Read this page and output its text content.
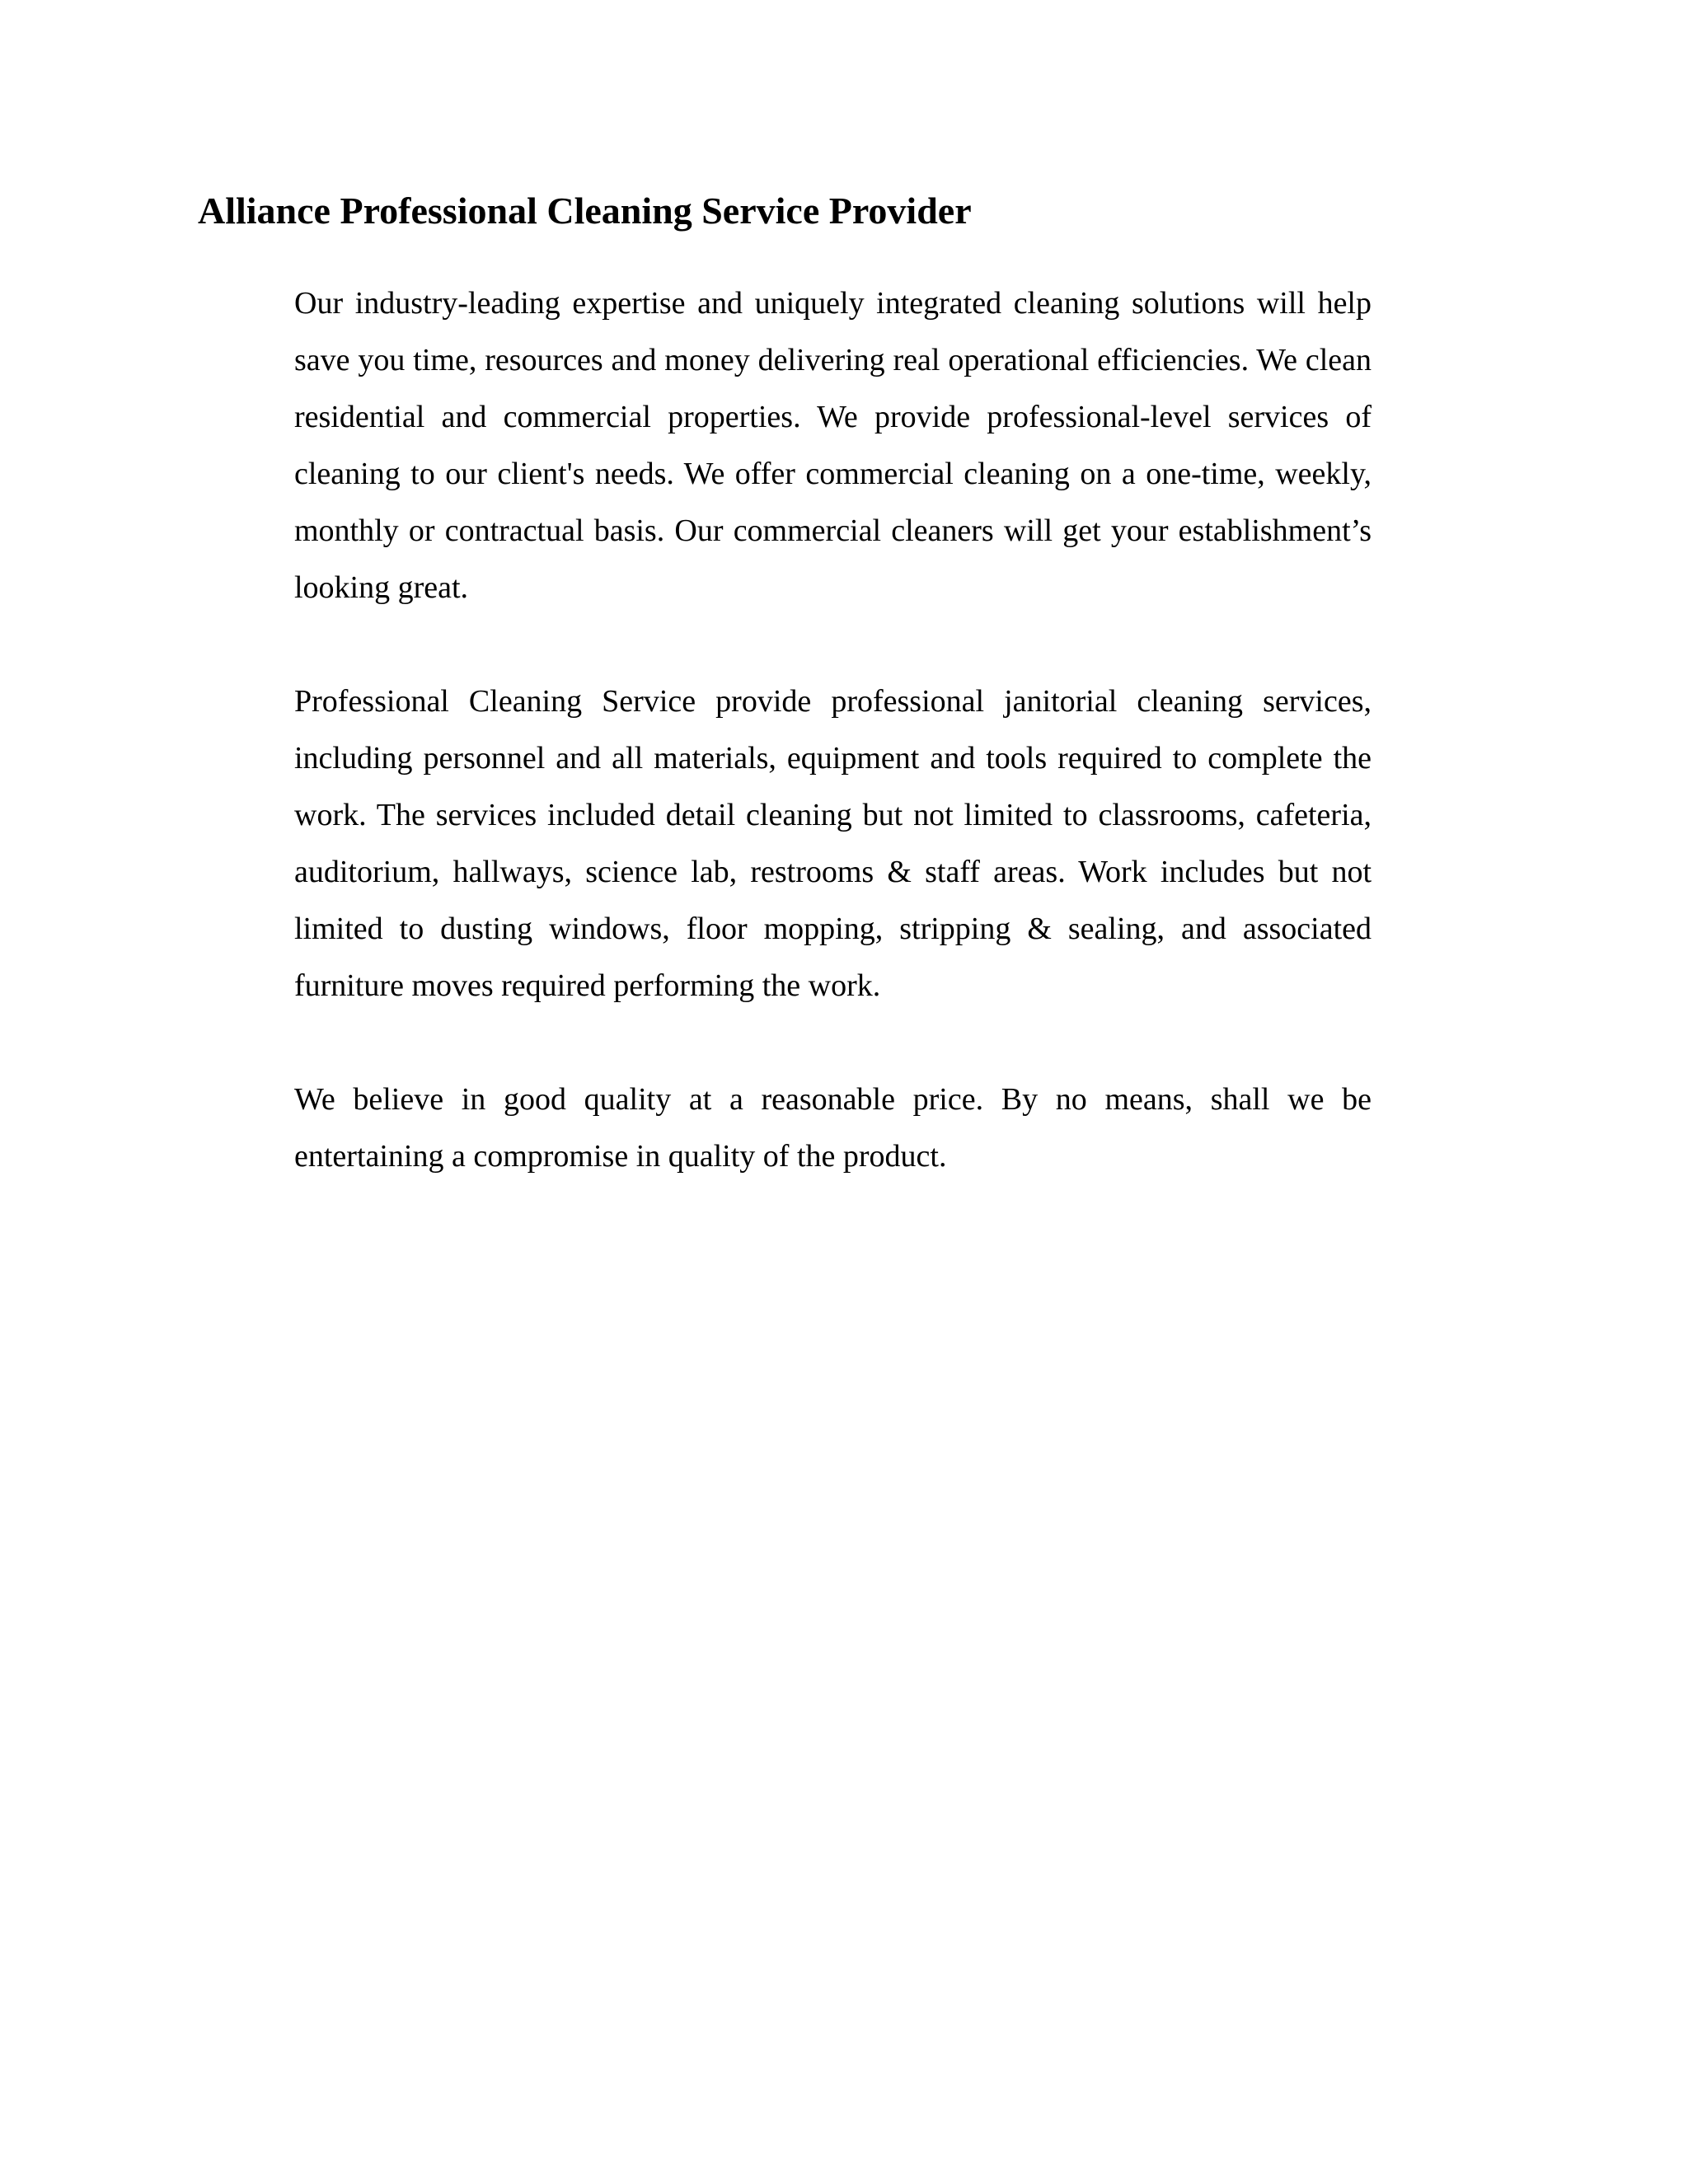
Alliance Professional Cleaning Service Provider

Our industry-leading expertise and uniquely integrated cleaning solutions will help save you time, resources and money delivering real operational efficiencies. We clean residential and commercial properties. We provide professional-level services of cleaning to our client's needs. We offer commercial cleaning on a one-time, weekly, monthly or contractual basis. Our commercial cleaners will get your establishment’s looking great.

Professional Cleaning Service provide professional janitorial cleaning services, including personnel and all materials, equipment and tools required to complete the work. The services included detail cleaning but not limited to classrooms, cafeteria, auditorium, hallways, science lab, restrooms & staff areas. Work includes but not limited to dusting windows, floor mopping, stripping & sealing, and associated furniture moves required performing the work.

We believe in good quality at a reasonable price. By no means, shall we be entertaining a compromise in quality of the product.
